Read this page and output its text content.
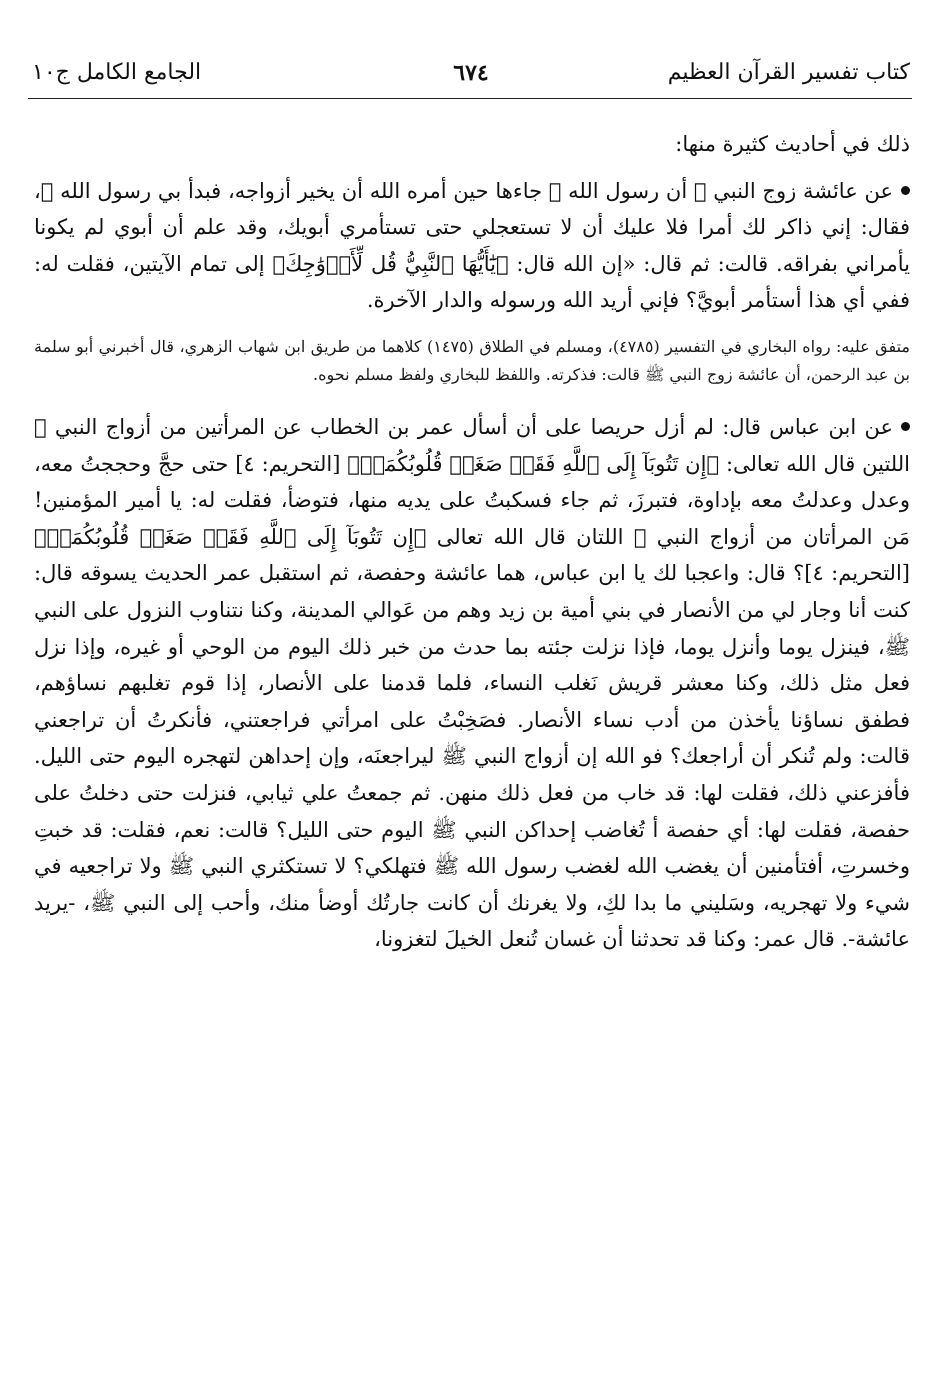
كتاب تفسير القرآن العظيم
٦٧٤
الجامع الكامل ج١٠

ذلك في أحاديث كثيرة منها:

عن عائشة زوج النبي ﷺ أن رسول الله ﷺ جاءها حين أمره الله أن يخير أزواجه، فبدأ بي رسول الله ﷺ، فقال: إني ذاكر لك أمرا فلا عليك أن لا تستعجلي حتى تستأمري أبويك، وقد علم أن أبوي لم يكونا يأمراني بفراقه. قالت: ثم قال: «إن الله قال: ﴿يَٰٓأَيُّهَا ٱلنَّبِيُّ قُل لِّأَزۡوَٰجِكَ﴾ إلى تمام الآيتين، فقلت له: ففي أي هذا أستأمر أبويَّ؟ فإني أريد الله ورسوله والدار الآخرة.

متفق عليه: رواه البخاري في التفسير (٤٧٨٥)، ومسلم في الطلاق (١٤٧٥) كلاهما من طريق ابن شهاب الزهري، قال أخبرني أبو سلمة بن عبد الرحمن، أن عائشة زوج النبي ﷺ قالت: فذكرته. واللفظ للبخاري ولفظ مسلم نحوه.

عن ابن عباس قال: لم أزل حريصا على أن أسأل عمر بن الخطاب عن المرأتين من أزواج النبي ﷺ اللتين قال الله تعالى: ﴿إِن تَتُوبَآ إِلَى ٱللَّهِ فَقَدۡ صَغَتۡ قُلُوبُكُمَاۖ﴾ [التحريم: ٤] حتى حجَّ وحججتُ معه، وعدل وعدلتُ معه بإداوة، فتبرزَ، ثم جاء فسكبتُ على يديه منها، فتوضأ، فقلت له: يا أمير المؤمنين! مَن المرأتان من أزواج النبي ﷺ اللتان قال الله تعالى ﴿إِن تَتُوبَآ إِلَى ٱللَّهِ فَقَدۡ صَغَتۡ قُلُوبُكُمَاۖ﴾ [التحريم: ٤]؟ قال: واعجبا لك يا ابن عباس، هما عائشة وحفصة، ثم استقبل عمر الحديث يسوقه قال: كنت أنا وجار لي من الأنصار في بني أمية بن زيد وهم من عَوالي المدينة، وكنا نتناوب النزول على النبي ﷺ، فينزل يوما وأنزل يوما، فإذا نزلت جئته بما حدث من خبر ذلك اليوم من الوحي أو غيره، وإذا نزل فعل مثل ذلك، وكنا معشر قريش نَغلب النساء، فلما قدمنا على الأنصار، إذا قوم تغلبهم نساؤهم، فطفق نساؤنا يأخذن من أدب نساء الأنصار. فصَخِبْتُ على امرأتي فراجعتني، فأنكرتُ أن تراجعني قالت: ولم تُنكر أن أراجعك؟ فو الله إن أزواج النبي ﷺ ليراجعنَه، وإن إحداهن لتهجره اليوم حتى الليل. فأفزعني ذلك، فقلت لها: قد خاب من فعل ذلك منهن. ثم جمعتُ علي ثيابي، فنزلت حتى دخلتُ على حفصة، فقلت لها: أي حفصة أ تُغاضب إحداكن النبي ﷺ اليوم حتى الليل؟ قالت: نعم، فقلت: قد خبتِ وخسرتِ، أفتأمنين أن يغضب الله لغضب رسول الله ﷺ فتهلكي؟ لا تستكثري النبي ﷺ ولا تراجعيه في شيء ولا تهجريه، وسَليني ما بدا لكِ، ولا يغرنك أن كانت جارتُك أوضأ منك، وأحب إلى النبي ﷺ، -يريد عائشة-. قال عمر: وكنا قد تحدثنا أن غسان تُنعل الخيلَ لتغزونا،
